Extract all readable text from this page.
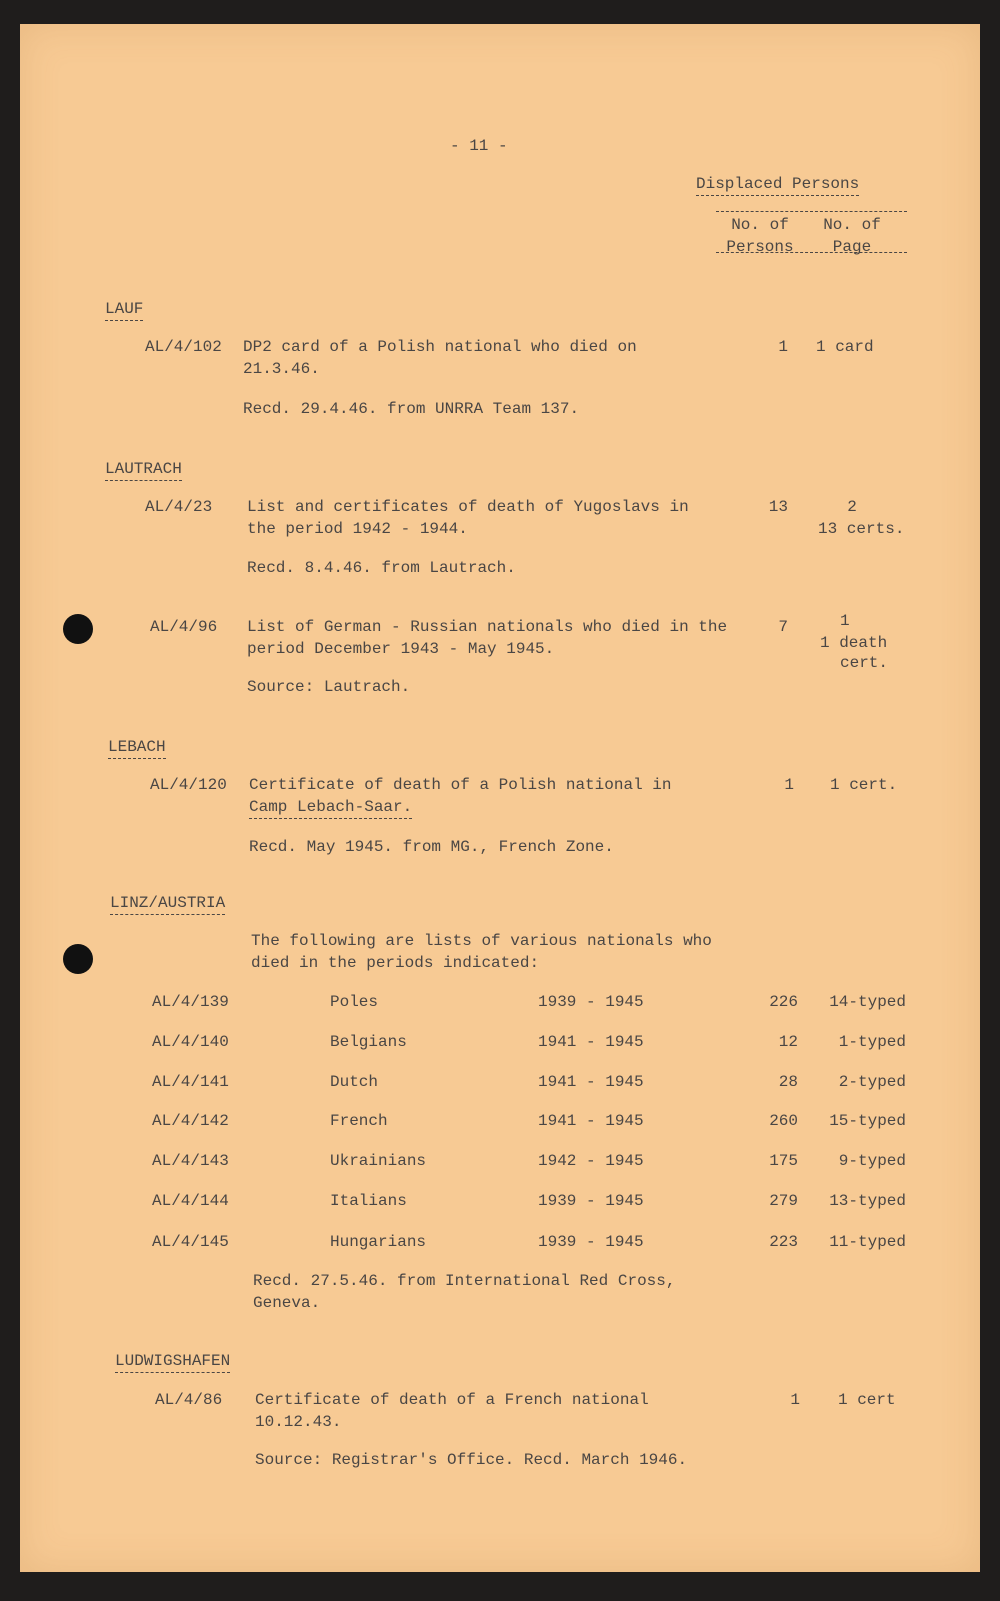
- 11 -
Displaced Persons
No. of
Persons
No. of
Page
LAUF
AL/4/102 DP2 card of a Polish national who died on
21.3.46.
1 1 card
Recd. 29.4.46. from UNRRA Team 137.
LAUTRACH
AL/4/23 List and certificates of death of Yugoslavs in
the period 1942 - 1944.
13	2
13 certs.
Recd. 8.4.46. from Lautrach.
AL/4/96 List of German - Russian nationals who died in the
period December 1943 - May 1945.
7	1
1 death
cert.
Source: Lautrach.
LEBACH
AL/4/120 Certificate of death of a Polish national in
Camp Lebach-Saar.
1 1 cert.
Recd. May 1945. from MG., French Zone.
LINZ/AUSTRIA
The following are lists of various nationals who
died in the periods indicated:
AL/4/139	Poles	1939 - 1945	226	14-typed
AL/4/140	Belgians	1941 - 1945	12	1-typed
AL/4/141	Dutch	1941 - 1945	28	2-typed
AL/4/142	French	1941 - 1945	260	15-typed
AL/4/143	Ukrainians	1942 - 1945	175	9-typed
AL/4/144	Italians	1939 - 1945	279	13-typed
AL/4/145	Hungarians	1939 - 1945	223	11-typed
Recd. 27.5.46. from International Red Cross,
Geneva.
LUDWIGSHAFEN
AL/4/86 Certificate of death of a French national
10.12.43.
1 1 cert
Source: Registrar's Office. Recd. March 1946.
